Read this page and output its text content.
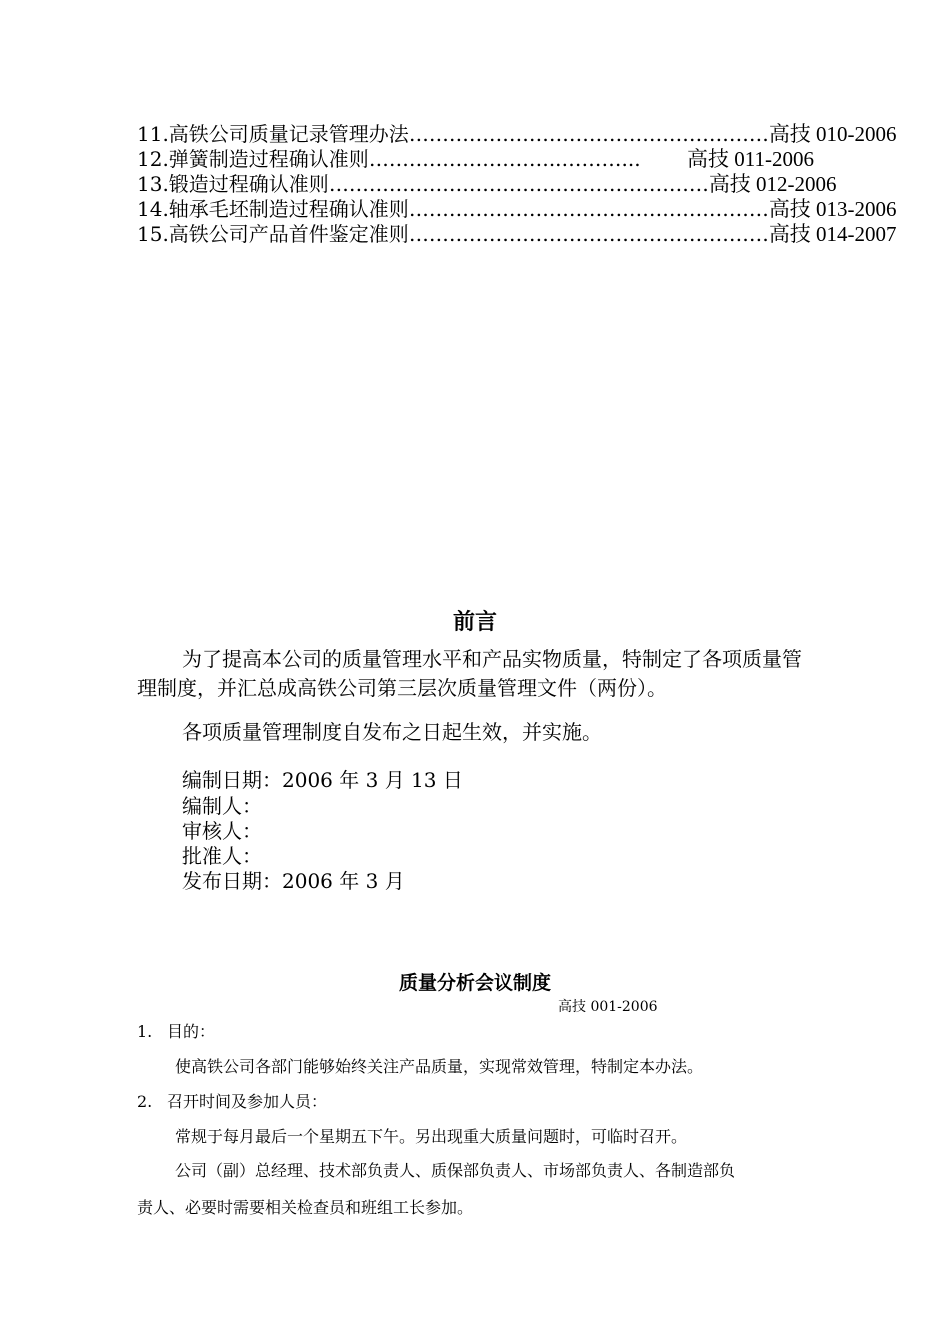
11.高铁公司质量记录管理办法 ……………………………………………… 高技 010-2006
12.弹簧制造过程确认准则 ………………………..………...	高技 011-2006
13.锻造过程确认准则 ………………………………………………… 高技 012-2006
14.轴承毛坯制造过程确认准则 ……………………………………………… 高技 013-2006
15.高铁公司产品首件鉴定准则 ……………………………………………… 高技 014-2007
前言
为了提高本公司的质量管理水平和产品实物质量，特制定了各项质量管理制度，并汇总成高铁公司第三层次质量管理文件（两份）。
各项质量管理制度自发布之日起生效，并实施。
编制日期：2006 年 3 月 13 日
编制人：
审核人：
批准人：
发布日期：2006 年 3 月
质量分析会议制度
高技 001-2006
1. 目的：
使高铁公司各部门能够始终关注产品质量，实现常效管理，特制定本办法。
2. 召开时间及参加人员：
常规于每月最后一个星期五下午。另出现重大质量问题时，可临时召开。
公司（副）总经理、技术部负责人、质保部负责人、市场部负责人、各制造部负
责人、必要时需要相关检查员和班组工长参加。
